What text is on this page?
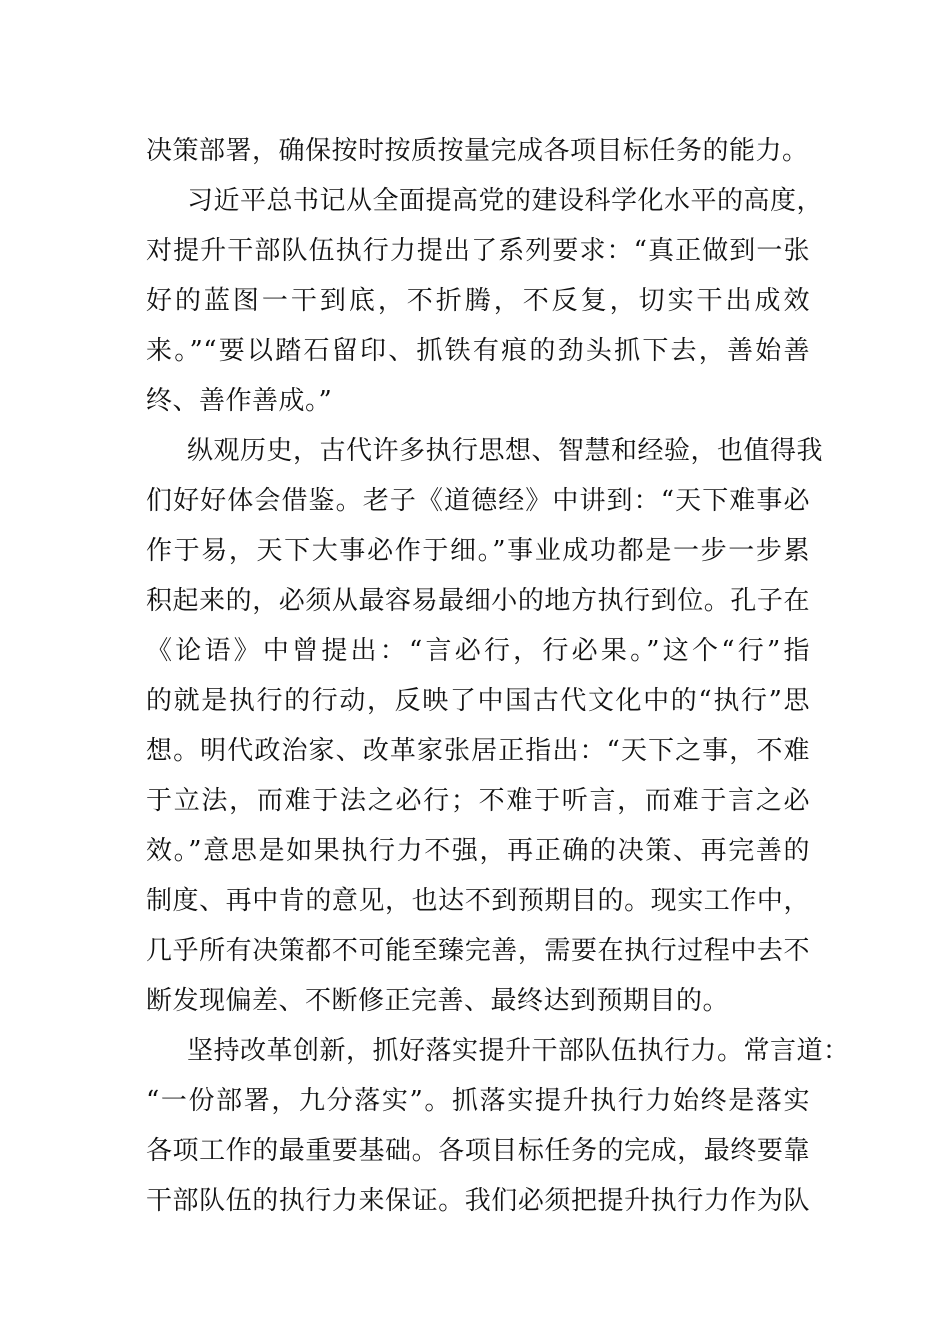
决策部署，确保按时按质按量完成各项目标任务的能力。
习近平总书记从全面提高党的建设科学化水平的高度，
对提升干部队伍执行力提出了系列要求：“真正做到一张
好的蓝图一干到底，不折腾，不反复，切实干出成效
来。”“要以踏石留印、抓铁有痕的劲头抓下去，善始善
终、善作善成。”
纵观历史，古代许多执行思想、智慧和经验，也值得我
们好好体会借鉴。老子《道德经》中讲到：“天下难事必
作于易，天下大事必作于细。”事业成功都是一步一步累
积起来的，必须从最容易最细小的地方执行到位。孔子在
《论语》中曾提出：“言必行，行必果。”这个“行”指
的就是执行的行动，反映了中国古代文化中的“执行”思
想。明代政治家、改革家张居正指出：“天下之事，不难
于立法，而难于法之必行；不难于听言，而难于言之必
效。”意思是如果执行力不强，再正确的决策、再完善的
制度、再中肯的意见，也达不到预期目的。现实工作中，
几乎所有决策都不可能至臻完善，需要在执行过程中去不
断发现偏差、不断修正完善、最终达到预期目的。
坚持改革创新，抓好落实提升干部队伍执行力。常言道：
“一份部署，九分落实”。抓落实提升执行力始终是落实
各项工作的最重要基础。各项目标任务的完成，最终要靠
干部队伍的执行力来保证。我们必须把提升执行力作为队
